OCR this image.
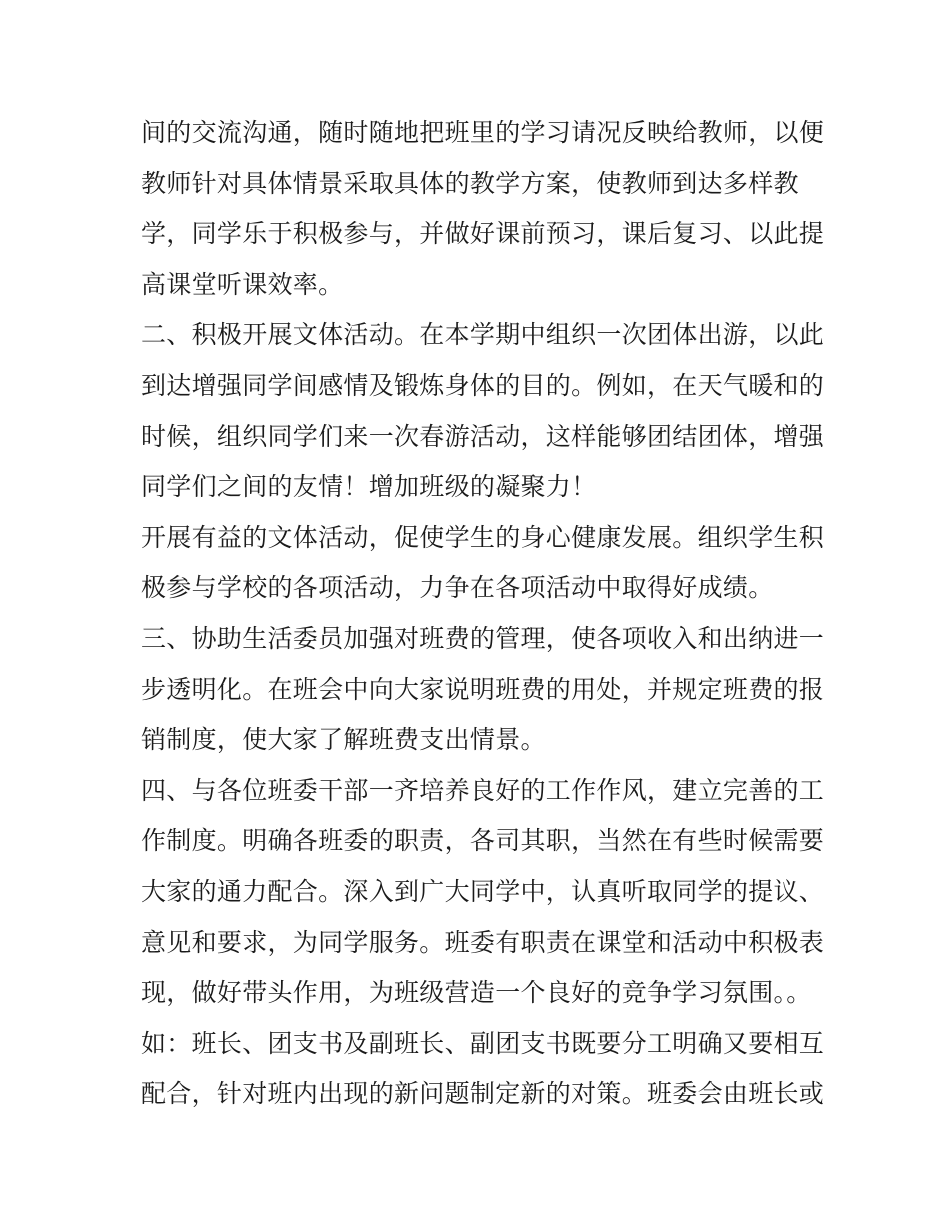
间的交流沟通，随时随地把班里的学习请况反映给教师，以便
教师针对具体情景采取具体的教学方案，使教师到达多样教
学，同学乐于积极参与，并做好课前预习，课后复习、以此提
高课堂听课效率。
二、积极开展文体活动。在本学期中组织一次团体出游，以此
到达增强同学间感情及锻炼身体的目的。例如，在天气暖和的
时候，组织同学们来一次春游活动，这样能够团结团体，增强
同学们之间的友情！增加班级的凝聚力！
开展有益的文体活动，促使学生的身心健康发展。组织学生积
极参与学校的各项活动，力争在各项活动中取得好成绩。
三、协助生活委员加强对班费的管理，使各项收入和出纳进一
步透明化。在班会中向大家说明班费的用处，并规定班费的报
销制度，使大家了解班费支出情景。
四、与各位班委干部一齐培养良好的工作作风，建立完善的工
作制度。明确各班委的职责，各司其职，当然在有些时候需要
大家的通力配合。深入到广大同学中，认真听取同学的提议、
意见和要求，为同学服务。班委有职责在课堂和活动中积极表
现，做好带头作用，为班级营造一个良好的竞争学习氛围。。
如：班长、团支书及副班长、副团支书既要分工明确又要相互
配合，针对班内出现的新问题制定新的对策。班委会由班长或
